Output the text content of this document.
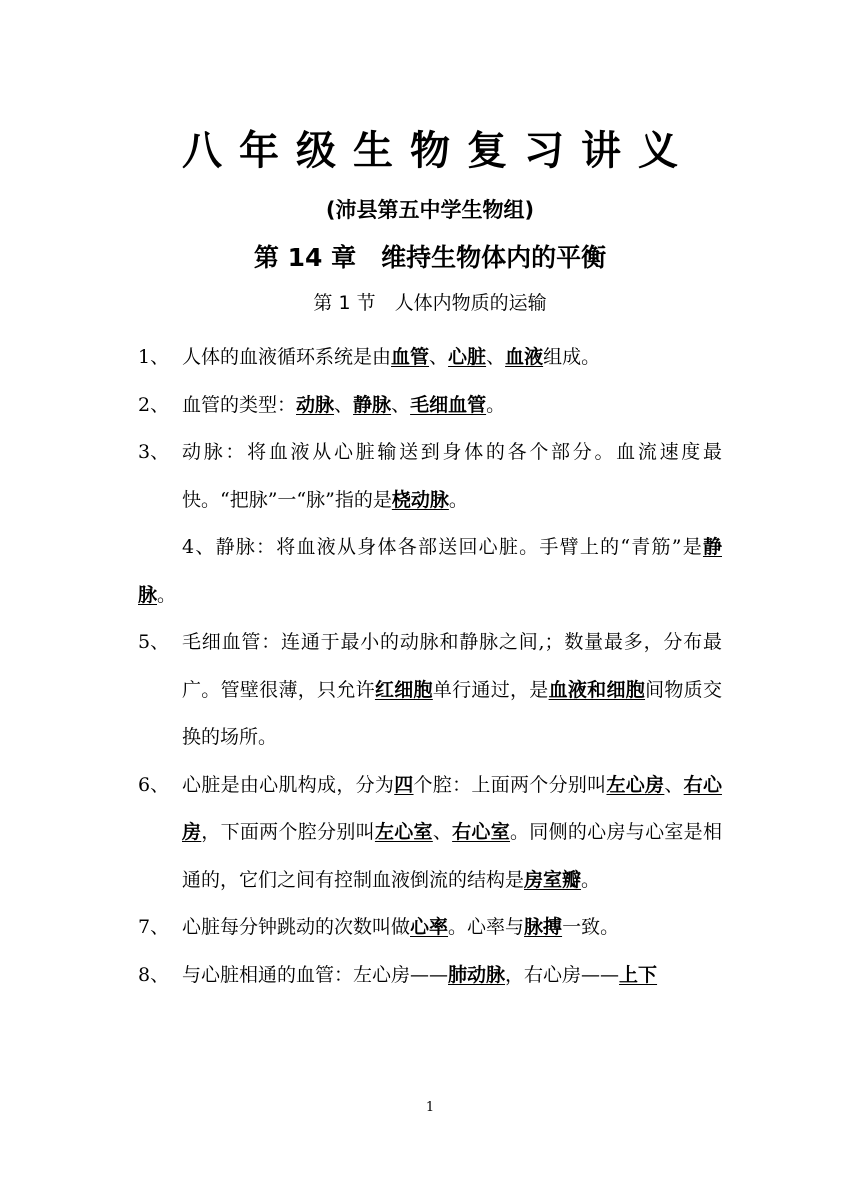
八年级生物复习讲义
(沛县第五中学生物组)
第 14 章　维持生物体内的平衡
第 1 节　人体内物质的运输
1、 人体的血液循环系统是由血管、心脏、血液组成。
2、 血管的类型：动脉、静脉、毛细血管。
3、 动脉：将血液从心脏输送到身体的各个部分。血流速度最快。“把脉”一“脉”指的是桡动脉。
4、静脉：将血液从身体各部送回心脏。手臂上的“青筋”是静脉。
5、 毛细血管：连通于最小的动脉和静脉之间,；数量最多，分布最广。管壁很薄，只允许红细胞单行通过，是血液和细胞间物质交换的场所。
6、 心脏是由心肌构成，分为四个腔：上面两个分别叫左心房、右心房，下面两个腔分别叫左心室、右心室。同侧的心房与心室是相通的，它们之间有控制血液倒流的结构是房室瓣。
7、 心脏每分钟跳动的次数叫做心率。心率与脉搏一致。
8、 与心脏相通的血管：左心房——肺动脉，右心房——上下
1
